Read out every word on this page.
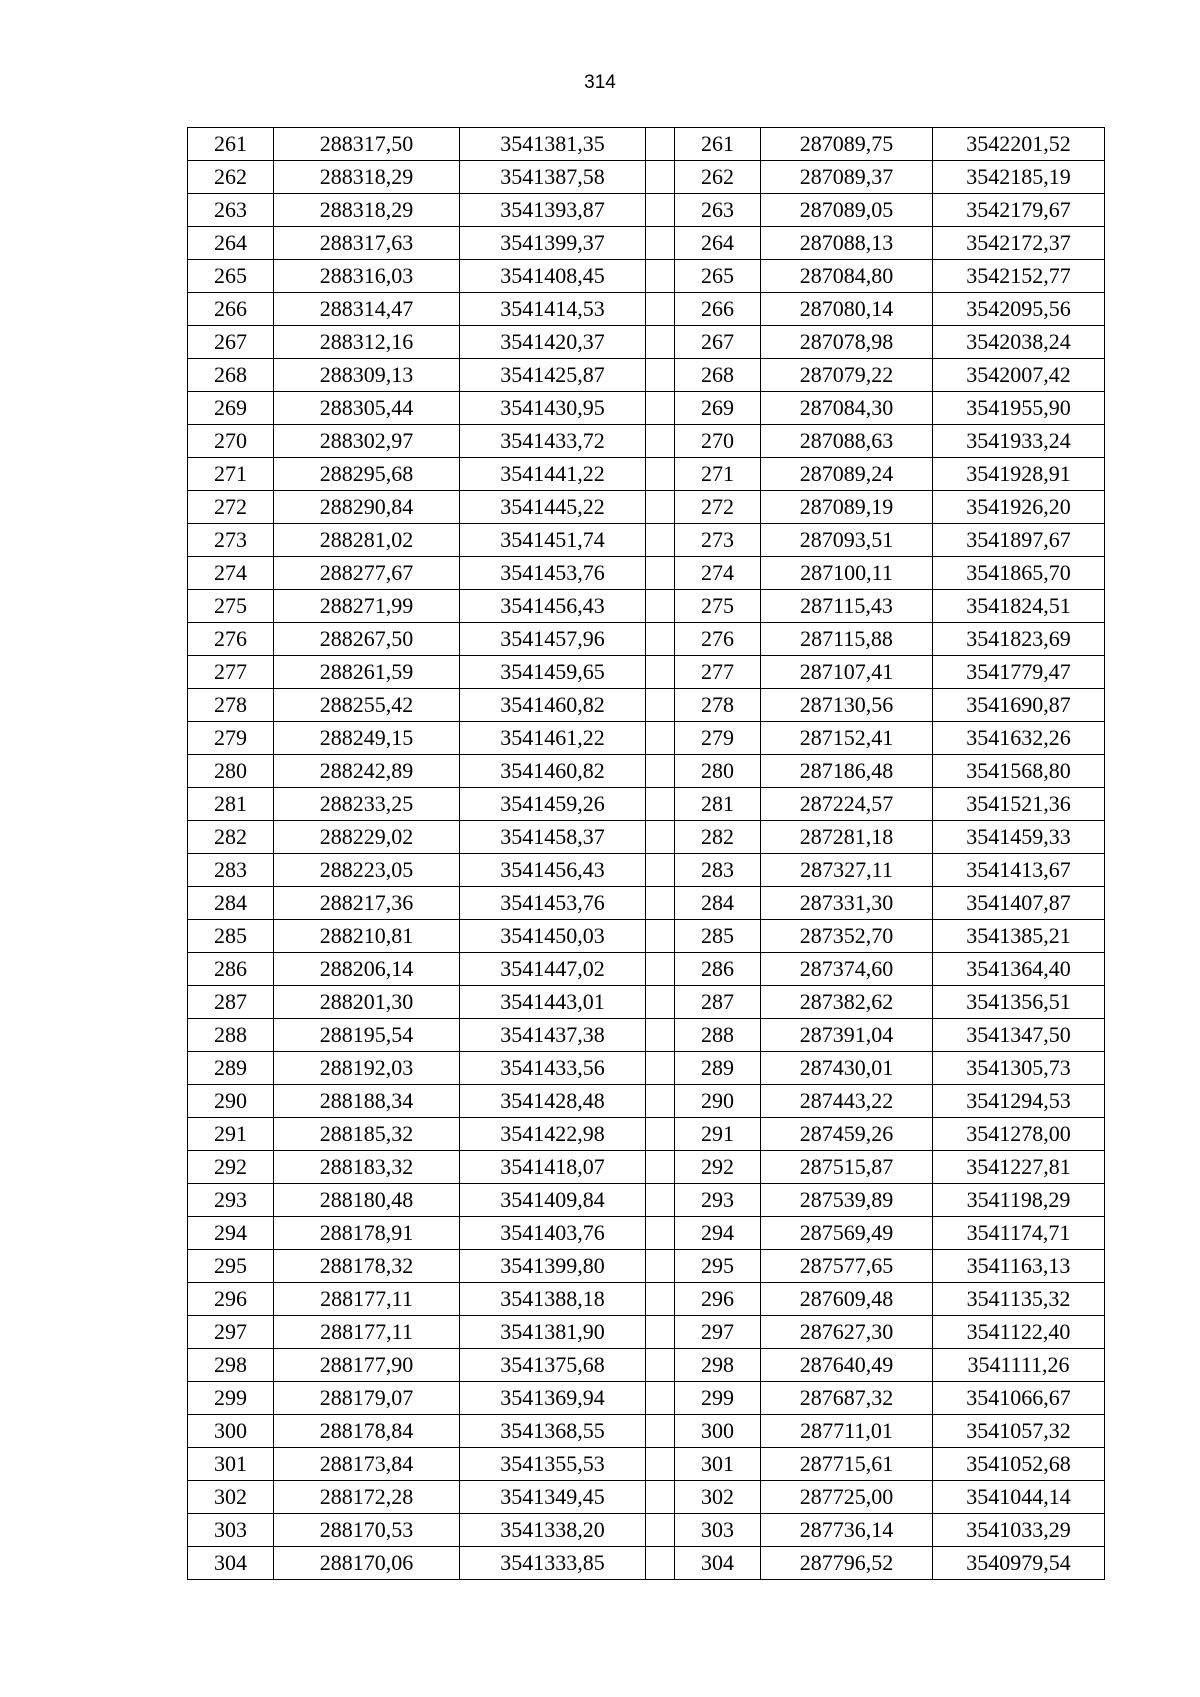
314
261	288317,50	3541381,35		261	287089,75	3542201,52
262	288318,29	3541387,58		262	287089,37	3542185,19
263	288318,29	3541393,87		263	287089,05	3542179,67
264	288317,63	3541399,37		264	287088,13	3542172,37
265	288316,03	3541408,45		265	287084,80	3542152,77
266	288314,47	3541414,53		266	287080,14	3542095,56
267	288312,16	3541420,37		267	287078,98	3542038,24
268	288309,13	3541425,87		268	287079,22	3542007,42
269	288305,44	3541430,95		269	287084,30	3541955,90
270	288302,97	3541433,72		270	287088,63	3541933,24
271	288295,68	3541441,22		271	287089,24	3541928,91
272	288290,84	3541445,22		272	287089,19	3541926,20
273	288281,02	3541451,74		273	287093,51	3541897,67
274	288277,67	3541453,76		274	287100,11	3541865,70
275	288271,99	3541456,43		275	287115,43	3541824,51
276	288267,50	3541457,96		276	287115,88	3541823,69
277	288261,59	3541459,65		277	287107,41	3541779,47
278	288255,42	3541460,82		278	287130,56	3541690,87
279	288249,15	3541461,22		279	287152,41	3541632,26
280	288242,89	3541460,82		280	287186,48	3541568,80
281	288233,25	3541459,26		281	287224,57	3541521,36
282	288229,02	3541458,37		282	287281,18	3541459,33
283	288223,05	3541456,43		283	287327,11	3541413,67
284	288217,36	3541453,76		284	287331,30	3541407,87
285	288210,81	3541450,03		285	287352,70	3541385,21
286	288206,14	3541447,02		286	287374,60	3541364,40
287	288201,30	3541443,01		287	287382,62	3541356,51
288	288195,54	3541437,38		288	287391,04	3541347,50
289	288192,03	3541433,56		289	287430,01	3541305,73
290	288188,34	3541428,48		290	287443,22	3541294,53
291	288185,32	3541422,98		291	287459,26	3541278,00
292	288183,32	3541418,07		292	287515,87	3541227,81
293	288180,48	3541409,84		293	287539,89	3541198,29
294	288178,91	3541403,76		294	287569,49	3541174,71
295	288178,32	3541399,80		295	287577,65	3541163,13
296	288177,11	3541388,18		296	287609,48	3541135,32
297	288177,11	3541381,90		297	287627,30	3541122,40
298	288177,90	3541375,68		298	287640,49	3541111,26
299	288179,07	3541369,94		299	287687,32	3541066,67
300	288178,84	3541368,55		300	287711,01	3541057,32
301	288173,84	3541355,53		301	287715,61	3541052,68
302	288172,28	3541349,45		302	287725,00	3541044,14
303	288170,53	3541338,20		303	287736,14	3541033,29
304	288170,06	3541333,85		304	287796,52	3540979,54
